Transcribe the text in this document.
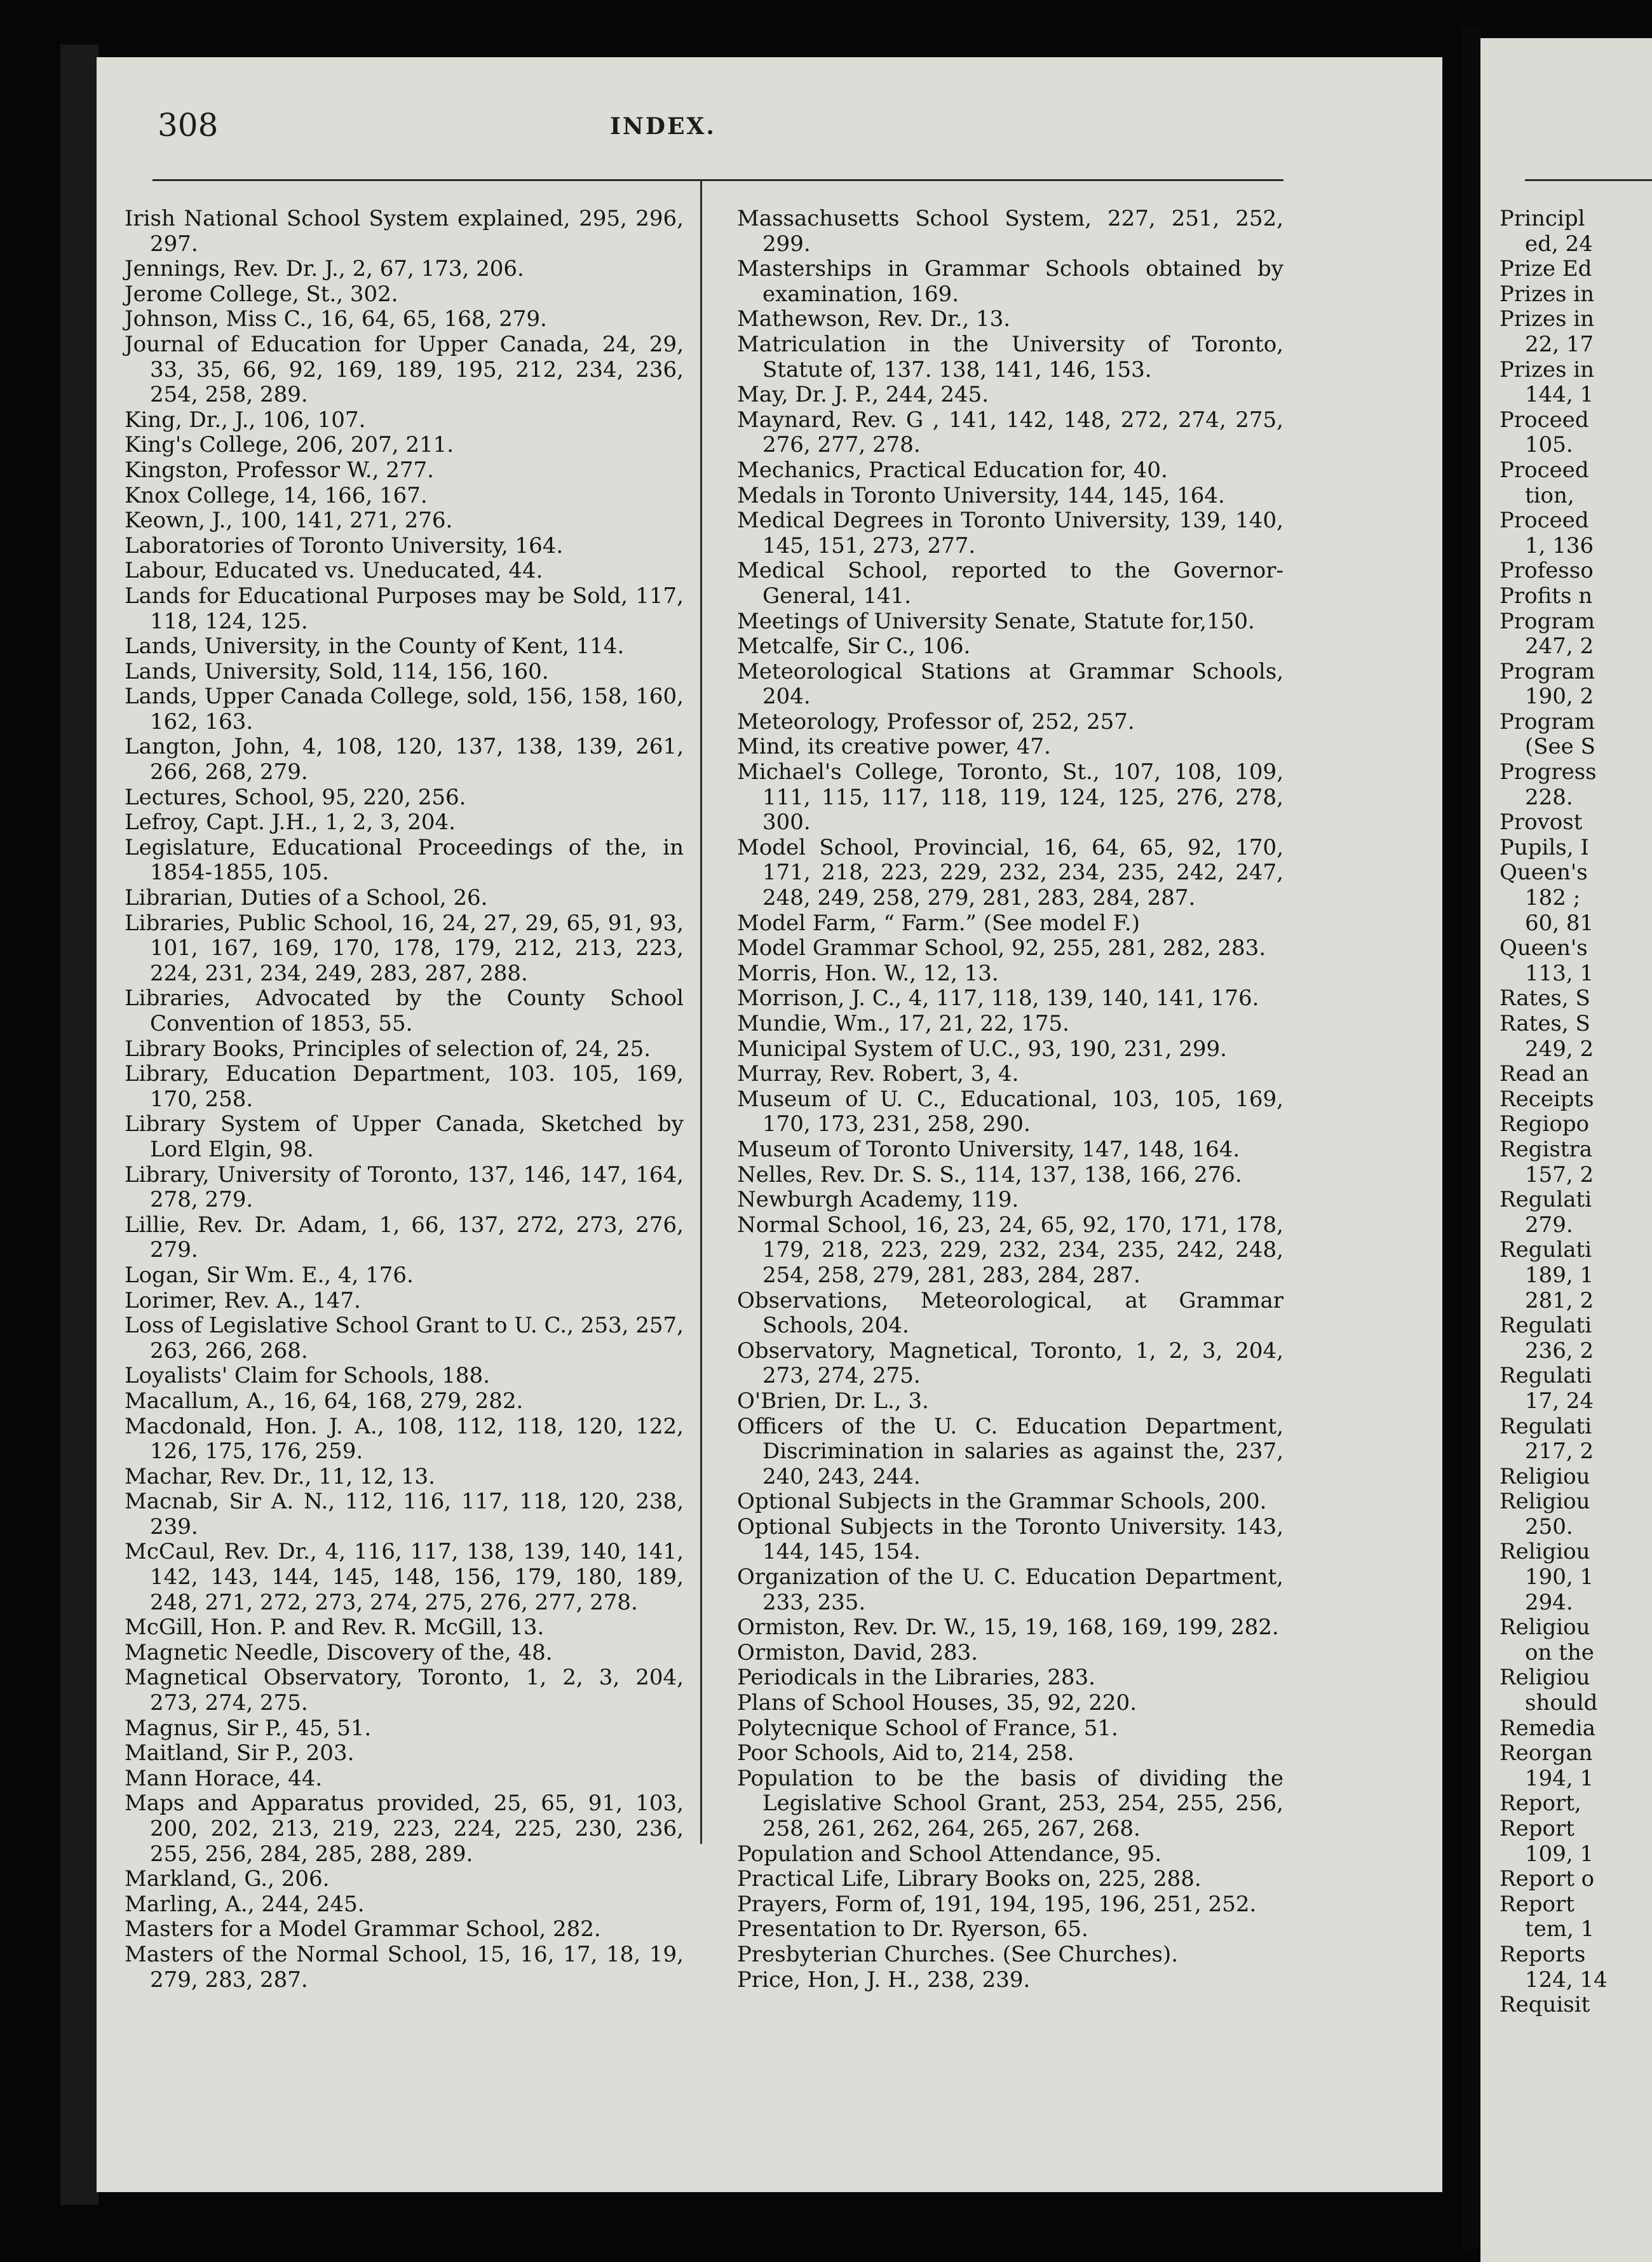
308	INDEX.

Irish National School System explained, 295, 296, 297.

Jennings, Rev. Dr. J., 2, 67, 173, 206.

Jerome College, St., 302.

Johnson, Miss C., 16, 64, 65, 168, 279.

Journal of Education for Upper Canada, 24, 29, 33, 35, 66, 92, 169, 189, 195, 212, 234, 236, 254, 258, 289.

King, Dr., J., 106, 107.

King's College, 206, 207, 211.

Kingston, Professor W., 277.

Knox College, 14, 166, 167.

Keown, J., 100, 141, 271, 276.

Laboratories of Toronto University, 164.

Labour, Educated vs. Uneducated, 44.

Lands for Educational Purposes may be Sold, 117, 118, 124, 125.

Lands, University, in the County of Kent, 114.

Lands, University, Sold, 114, 156, 160.

Lands, Upper Canada College, sold, 156, 158, 160, 162, 163.

Langton, John, 4, 108, 120, 137, 138, 139, 261, 266, 268, 279.

Lectures, School, 95, 220, 256.

Lefroy, Capt. J.H., 1, 2, 3, 204.

Legislature, Educational Proceedings of the, in 1854-1855, 105.

Librarian, Duties of a School, 26.

Libraries, Public School, 16, 24, 27, 29, 65, 91, 93, 101, 167, 169, 170, 178, 179, 212, 213, 223, 224, 231, 234, 249, 283, 287, 288.

Libraries, Advocated by the County School Convention of 1853, 55.

Library Books, Principles of selection of, 24, 25.

Library, Education Department, 103. 105, 169, 170, 258.

Library System of Upper Canada, Sketched by Lord Elgin, 98.

Library, University of Toronto, 137, 146, 147, 164, 278, 279.

Lillie, Rev. Dr. Adam, 1, 66, 137, 272, 273, 276, 279.

Logan, Sir Wm. E., 4, 176.

Lorimer, Rev. A., 147.

Loss of Legislative School Grant to U. C., 253, 257, 263, 266, 268.

Loyalists' Claim for Schools, 188.

Macallum, A., 16, 64, 168, 279, 282.

Macdonald, Hon. J. A., 108, 112, 118, 120, 122, 126, 175, 176, 259.

Machar, Rev. Dr., 11, 12, 13.

Macnab, Sir A. N., 112, 116, 117, 118, 120, 238, 239.

McCaul, Rev. Dr., 4, 116, 117, 138, 139, 140, 141, 142, 143, 144, 145, 148, 156, 179, 180, 189, 248, 271, 272, 273, 274, 275, 276, 277, 278.

McGill, Hon. P. and Rev. R. McGill, 13.

Magnetic Needle, Discovery of the, 48.

Magnetical Observatory, Toronto, 1, 2, 3, 204, 273, 274, 275.

Magnus, Sir P., 45, 51.

Maitland, Sir P., 203.

Mann Horace, 44.

Maps and Apparatus provided, 25, 65, 91, 103, 200, 202, 213, 219, 223, 224, 225, 230, 236, 255, 256, 284, 285, 288, 289.

Markland, G., 206.

Marling, A., 244, 245.

Masters for a Model Grammar School, 282.

Masters of the Normal School, 15, 16, 17, 18, 19, 279, 283, 287.

Massachusetts School System, 227, 251, 252, 299.

Masterships in Grammar Schools obtained by examination, 169.

Mathewson, Rev. Dr., 13.

Matriculation in the University of Toronto, Statute of, 137. 138, 141, 146, 153.

May, Dr. J. P., 244, 245.

Maynard, Rev. G , 141, 142, 148, 272, 274, 275, 276, 277, 278.

Mechanics, Practical Education for, 40.

Medals in Toronto University, 144, 145, 164.

Medical Degrees in Toronto University, 139, 140, 145, 151, 273, 277.

Medical School, reported to the Governor-General, 141.

Meetings of University Senate, Statute for,150.

Metcalfe, Sir C., 106.

Meteorological Stations at Grammar Schools, 204.

Meteorology, Professor of, 252, 257.

Mind, its creative power, 47.

Michael's College, Toronto, St., 107, 108, 109, 111, 115, 117, 118, 119, 124, 125, 276, 278, 300.

Model School, Provincial, 16, 64, 65, 92, 170, 171, 218, 223, 229, 232, 234, 235, 242, 247, 248, 249, 258, 279, 281, 283, 284, 287.

Model Farm, “ Farm.” (See model F.)

Model Grammar School, 92, 255, 281, 282, 283.

Morris, Hon. W., 12, 13.

Morrison, J. C., 4, 117, 118, 139, 140, 141, 176.

Mundie, Wm., 17, 21, 22, 175.

Municipal System of U.C., 93, 190, 231, 299.

Murray, Rev. Robert, 3, 4.

Museum of U. C., Educational, 103, 105, 169, 170, 173, 231, 258, 290.

Museum of Toronto University, 147, 148, 164.

Nelles, Rev. Dr. S. S., 114, 137, 138, 166, 276.

Newburgh Academy, 119.

Normal School, 16, 23, 24, 65, 92, 170, 171, 178, 179, 218, 223, 229, 232, 234, 235, 242, 248, 254, 258, 279, 281, 283, 284, 287.

Observations, Meteorological, at Grammar Schools, 204.

Observatory, Magnetical, Toronto, 1, 2, 3, 204, 273, 274, 275.

O'Brien, Dr. L., 3.

Officers of the U. C. Education Department, Discrimination in salaries as against the, 237, 240, 243, 244.

Optional Subjects in the Grammar Schools, 200.

Optional Subjects in the Toronto University. 143, 144, 145, 154.

Organization of the U. C. Education Department, 233, 235.

Ormiston, Rev. Dr. W., 15, 19, 168, 169, 199, 282.

Ormiston, David, 283.

Periodicals in the Libraries, 283.

Plans of School Houses, 35, 92, 220.

Polytecnique School of France, 51.

Poor Schools, Aid to, 214, 258.

Population to be the basis of dividing the Legislative School Grant, 253, 254, 255, 256, 258, 261, 262, 264, 265, 267, 268.

Population and School Attendance, 95.

Practical Life, Library Books on, 225, 288.

Prayers, Form of, 191, 194, 195, 196, 251, 252.

Presentation to Dr. Ryerson, 65.

Presbyterian Churches. (See Churches).

Price, Hon, J. H., 238, 239.

Principl

ed, 24

Prize Ed

Prizes in

Prizes in

22, 17

Prizes in

144, 1

Proceed

105.

Proceed

tion,

Proceed

1, 136

Professo

Profits n

Program

247, 2

Program

190, 2

Program

(See S

Progress

228.

Provost

Pupils, I

Queen's

182 ;

60, 81

Queen's

113, 1

Rates, S

Rates, S

249, 2

Read an

Receipts

Regiopo

Registra

157, 2

Regulati

279.

Regulati

189, 1

281, 2

Regulati

236, 2

Regulati

17, 24

Regulati

217, 2

Religiou

Religiou

250.

Religiou

190, 1

294.

Religiou

on the

Religiou

should

Remedia

Reorgan

194, 1

Report,

Report

109, 1

Report o

Report

tem, 1

Reports

124, 14

Requisit
